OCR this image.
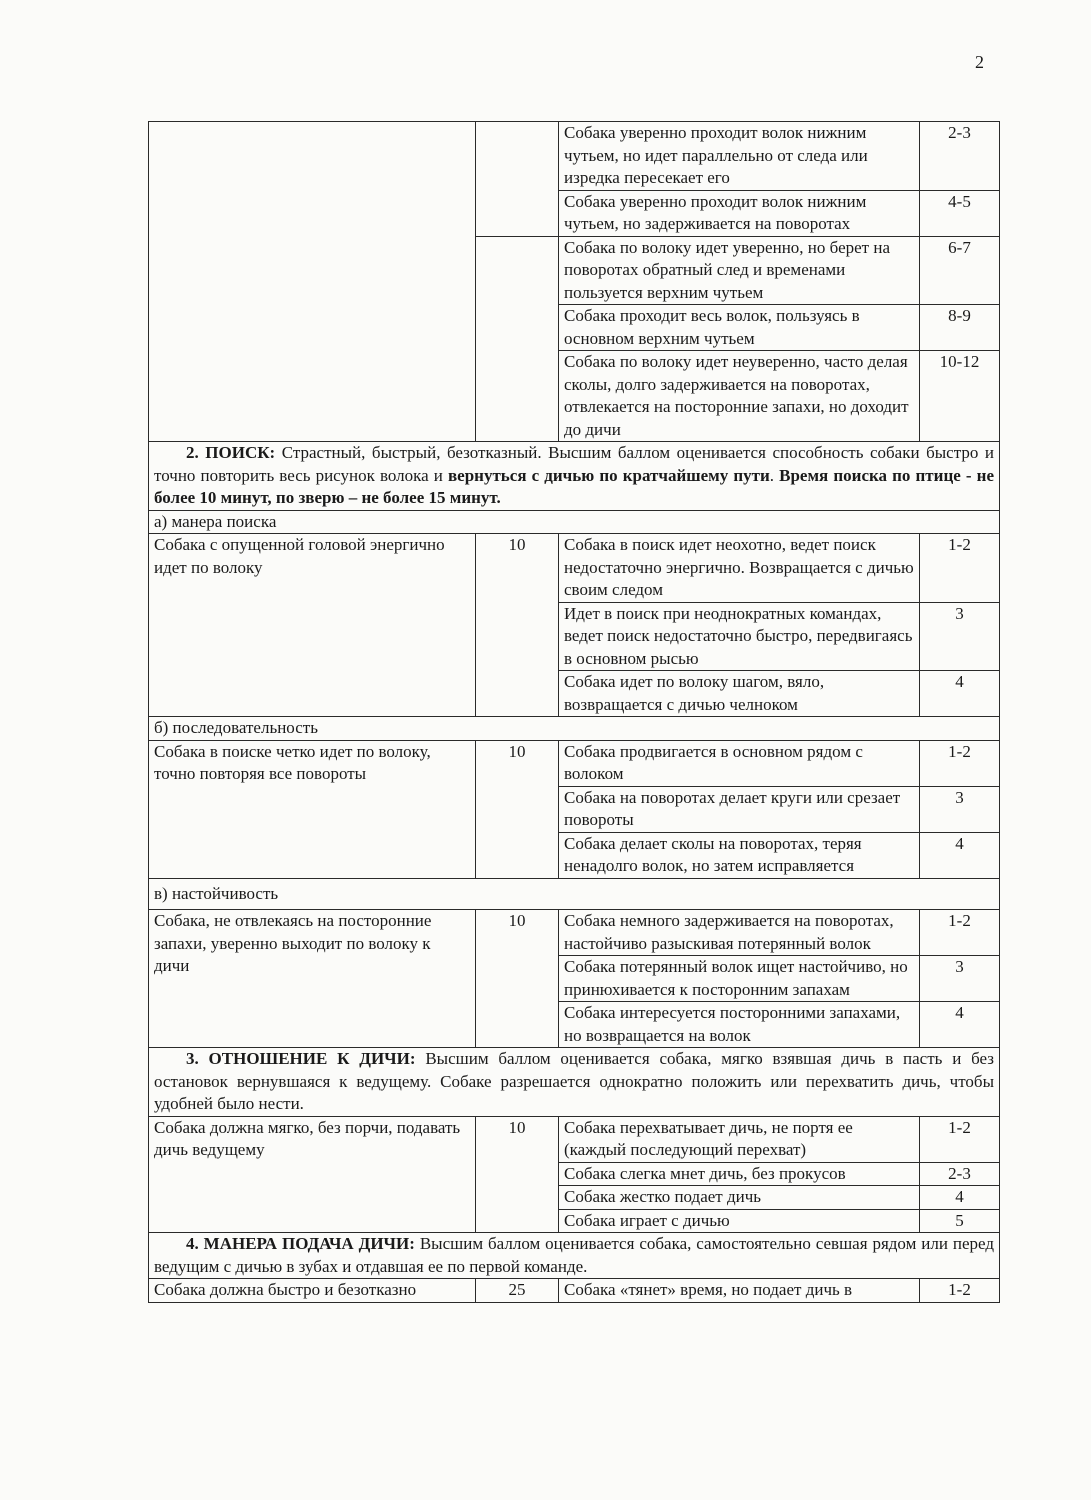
2
		Собака уверенно проходит волок нижним чутьем, но идет параллельно от следа или изредка пересекает его	2-3
		Собака уверенно проходит волок нижним чутьем, но задерживается на поворотах	4-5
		Собака по волоку идет уверенно, но берет на поворотах обратный след и временами пользуется верхним чутьем	6-7
		Собака проходит весь волок, пользуясь в основном верхним чутьем	8-9
		Собака по волоку идет неуверенно, часто делая сколы, долго задерживается на поворотах, отвлекается на посторонние запахи, но доходит до дичи	10-12
2. ПОИСК: Страстный, быстрый, безотказный. Высшим баллом оценивается способность собаки быстро и точно повторить весь рисунок волока и вернуться с дичью по кратчайшему пути. Время поиска по птице - не более 10 минут, по зверю – не более 15 минут.			
а) манера поиска			
Собака с опущенной головой энергично идет по волоку	10	Собака в поиск идет неохотно, ведет поиск недостаточно энергично. Возвращается с дичью своим следом	1-2
		Идет в поиск при неоднократных командах, ведет поиск недостаточно быстро, передвигаясь в основном рысью	3
		Собака идет по волоку шагом, вяло, возвращается с дичью челноком	4
б) последовательность			
Собака в поиске четко идет по волоку, точно повторяя все повороты	10	Собака продвигается в основном рядом с волоком	1-2
		Собака на поворотах делает круги или срезает повороты	3
		Собака делает сколы на поворотах, теряя ненадолго волок, но затем исправляется	4
в) настойчивость			
Собака, не отвлекаясь на посторонние запахи, уверенно выходит по волоку к дичи	10	Собака немного задерживается на поворотах, настойчиво разыскивая потерянный волок	1-2
		Собака потерянный волок ищет настойчиво, но принюхивается к посторонним запахам	3
		Собака интересуется посторонними запахами, но возвращается на волок	4
3. ОТНОШЕНИЕ К ДИЧИ: Высшим баллом оценивается собака, мягко взявшая дичь в пасть и без остановок вернувшаяся к ведущему. Собаке разрешается однократно положить или перехватить дичь, чтобы удобней было нести.			
Собака должна мягко, без порчи, подавать дичь ведущему	10	Собака перехватывает дичь, не портя ее (каждый последующий перехват)	1-2
		Собака слегка мнет дичь, без прокусов	2-3
		Собака жестко подает дичь	4
		Собака играет с дичью	5
4. МАНЕРА ПОДАЧА ДИЧИ: Высшим баллом оценивается собака, самостоятельно севшая рядом или перед ведущим с дичью в зубах и отдавшая ее по первой команде.			
Собака должна быстро и безотказно	25	Собака «тянет» время, но подает дичь в	1-2
